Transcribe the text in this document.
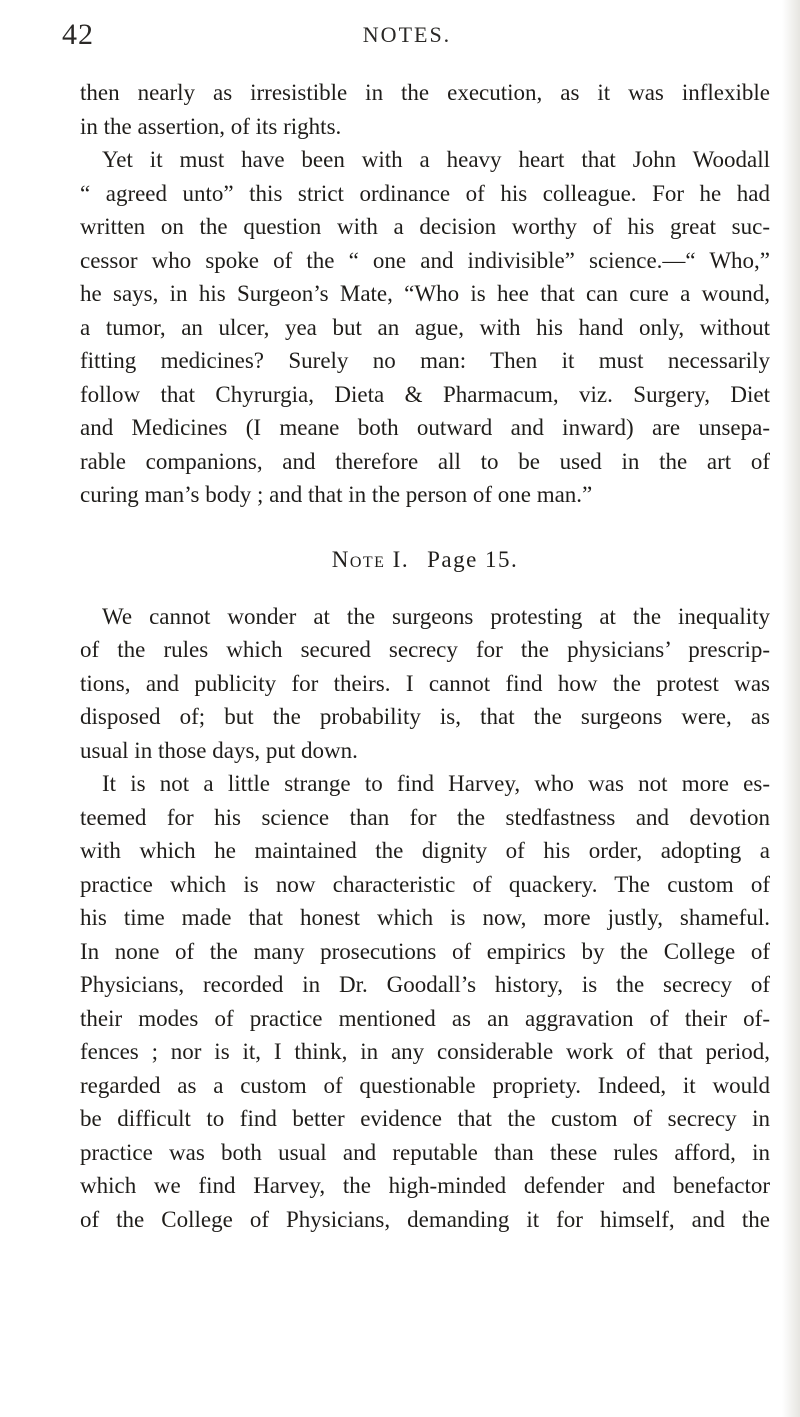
42	NOTES.
then nearly as irresistible in the execution, as it was inflexible
in the assertion, of its rights.
Yet it must have been with a heavy heart that John Woodall
“ agreed unto” this strict ordinance of his colleague. For he had
written on the question with a decision worthy of his great suc-
cessor who spoke of the “ one and indivisible” science.—“ Who,”
he says, in his Surgeon’s Mate, “Who is hee that can cure a wound,
a tumor, an ulcer, yea but an ague, with his hand only, without
fitting medicines? Surely no man: Then it must necessarily
follow that Chyrurgia, Dieta & Pharmacum, viz. Surgery, Diet
and Medicines (I meane both outward and inward) are unsepa-
rable companions, and therefore all to be used in the art of
curing man’s body ; and that in the person of one man.”
Note I. Page 15.
We cannot wonder at the surgeons protesting at the inequality
of the rules which secured secrecy for the physicians’ prescrip-
tions, and publicity for theirs. I cannot find how the protest was
disposed of; but the probability is, that the surgeons were, as
usual in those days, put down.
It is not a little strange to find Harvey, who was not more es-
teemed for his science than for the stedfastness and devotion
with which he maintained the dignity of his order, adopting a
practice which is now characteristic of quackery. The custom of
his time made that honest which is now, more justly, shameful.
In none of the many prosecutions of empirics by the College of
Physicians, recorded in Dr. Goodall’s history, is the secrecy of
their modes of practice mentioned as an aggravation of their of-
fences ; nor is it, I think, in any considerable work of that period,
regarded as a custom of questionable propriety. Indeed, it would
be difficult to find better evidence that the custom of secrecy in
practice was both usual and reputable than these rules afford, in
which we find Harvey, the high-minded defender and benefactor
of the College of Physicians, demanding it for himself, and the
